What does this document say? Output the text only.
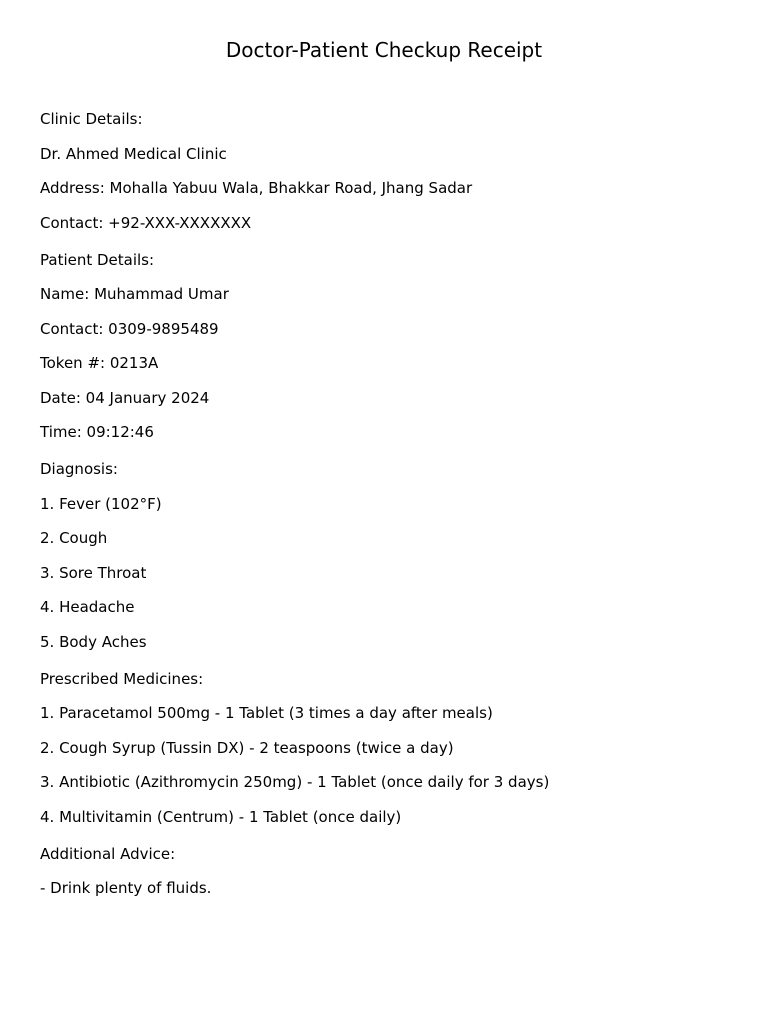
Doctor-Patient Checkup Receipt
Clinic Details:
Dr. Ahmed Medical Clinic
Address: Mohalla Yabuu Wala, Bhakkar Road, Jhang Sadar
Contact: +92-XXX-XXXXXXX
Patient Details:
Name: Muhammad Umar
Contact: 0309-9895489
Token #: 0213A
Date: 04 January 2024
Time: 09:12:46
Diagnosis:
1. Fever (102°F)
2. Cough
3. Sore Throat
4. Headache
5. Body Aches
Prescribed Medicines:
1. Paracetamol 500mg - 1 Tablet (3 times a day after meals)
2. Cough Syrup (Tussin DX) - 2 teaspoons (twice a day)
3. Antibiotic (Azithromycin 250mg) - 1 Tablet (once daily for 3 days)
4. Multivitamin (Centrum) - 1 Tablet (once daily)
Additional Advice:
- Drink plenty of fluids.
